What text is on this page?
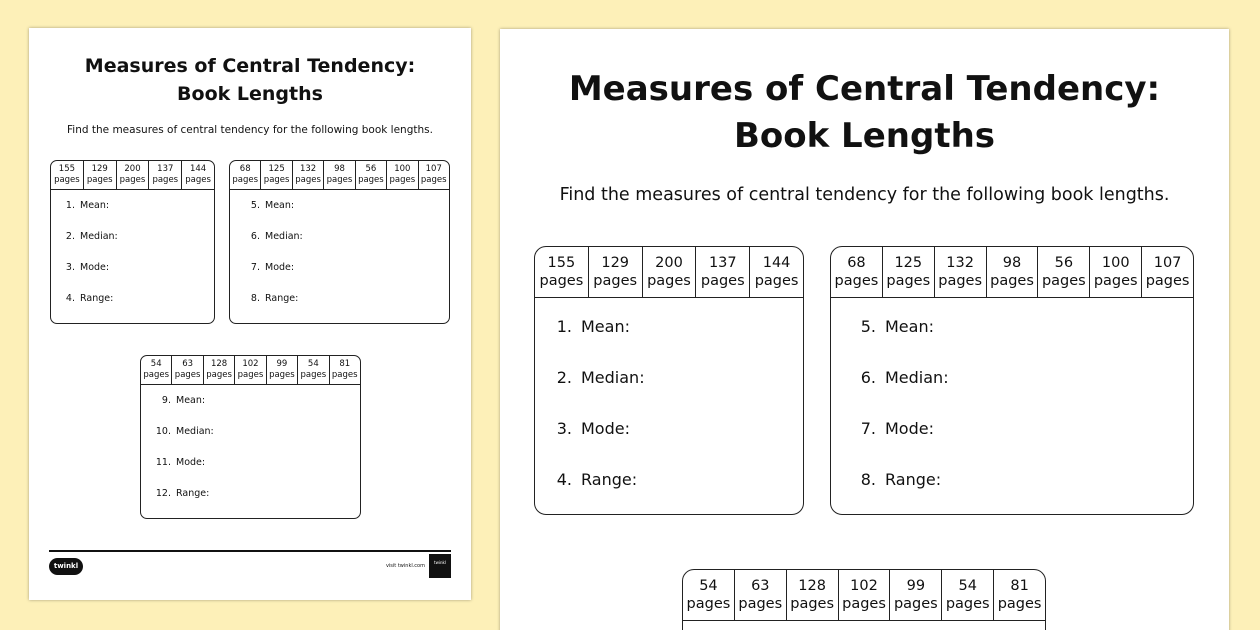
Measures of Central Tendency:
Book Lengths
Find the measures of central tendency for the following book lengths.
155
pages
129
pages
200
pages
137
pages
144
pages
1. Mean:
2. Median:
3. Mode:
4. Range:
68
pages
125
pages
132
pages
98
pages
56
pages
100
pages
107
pages
5. Mean:
6. Median:
7. Mode:
8. Range:
54
pages
63
pages
128
pages
102
pages
99
pages
54
pages
81
pages
9. Mean:
10. Median:
11. Mode:
12. Range:
twinkl	visit twinkl.com
twinkl
Measures of Central Tendency:
Book Lengths
Find the measures of central tendency for the following book lengths.
155
pages
129
pages
200
pages
137
pages
144
pages
1. Mean:
2. Median:
3. Mode:
4. Range:
68
pages
125
pages
132
pages
98
pages
56
pages
100
pages
107
pages
5. Mean:
6. Median:
7. Mode:
8. Range:
54
pages
63
pages
128
pages
102
pages
99
pages
54
pages
81
pages
